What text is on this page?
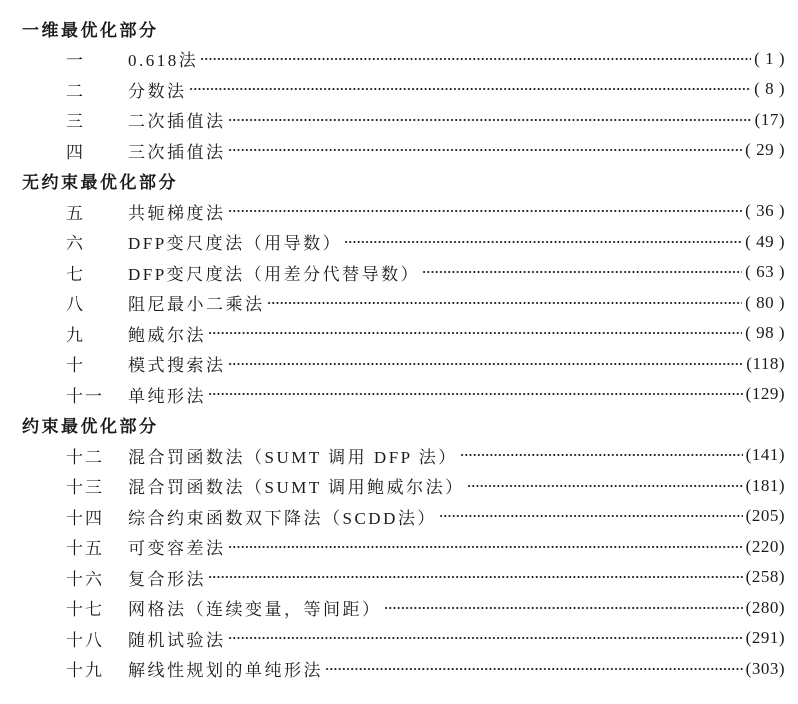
一维最优化部分
一	0.618法	( 1 )
二	分数法	( 8 )
三	二次插值法	(17)
四	三次插值法	( 29 )
无约束最优化部分
五	共轭梯度法	( 36 )
六	DFP变尺度法（用导数）	( 49 )
七	DFP变尺度法（用差分代替导数）	( 63 )
八	阻尼最小二乘法	( 80 )
九	鲍威尔法	( 98 )
十	模式搜索法	(118)
十一	单纯形法	(129)
约束最优化部分
十二	混合罚函数法（SUMT 调用 DFP 法）	(141)
十三	混合罚函数法（SUMT 调用鲍威尔法）	(181)
十四	综合约束函数双下降法（SCDD法）	(205)
十五	可变容差法	(220)
十六	复合形法	(258)
十七	网格法（连续变量，等间距）	(280)
十八	随机试验法	(291)
十九	解线性规划的单纯形法	(303)
